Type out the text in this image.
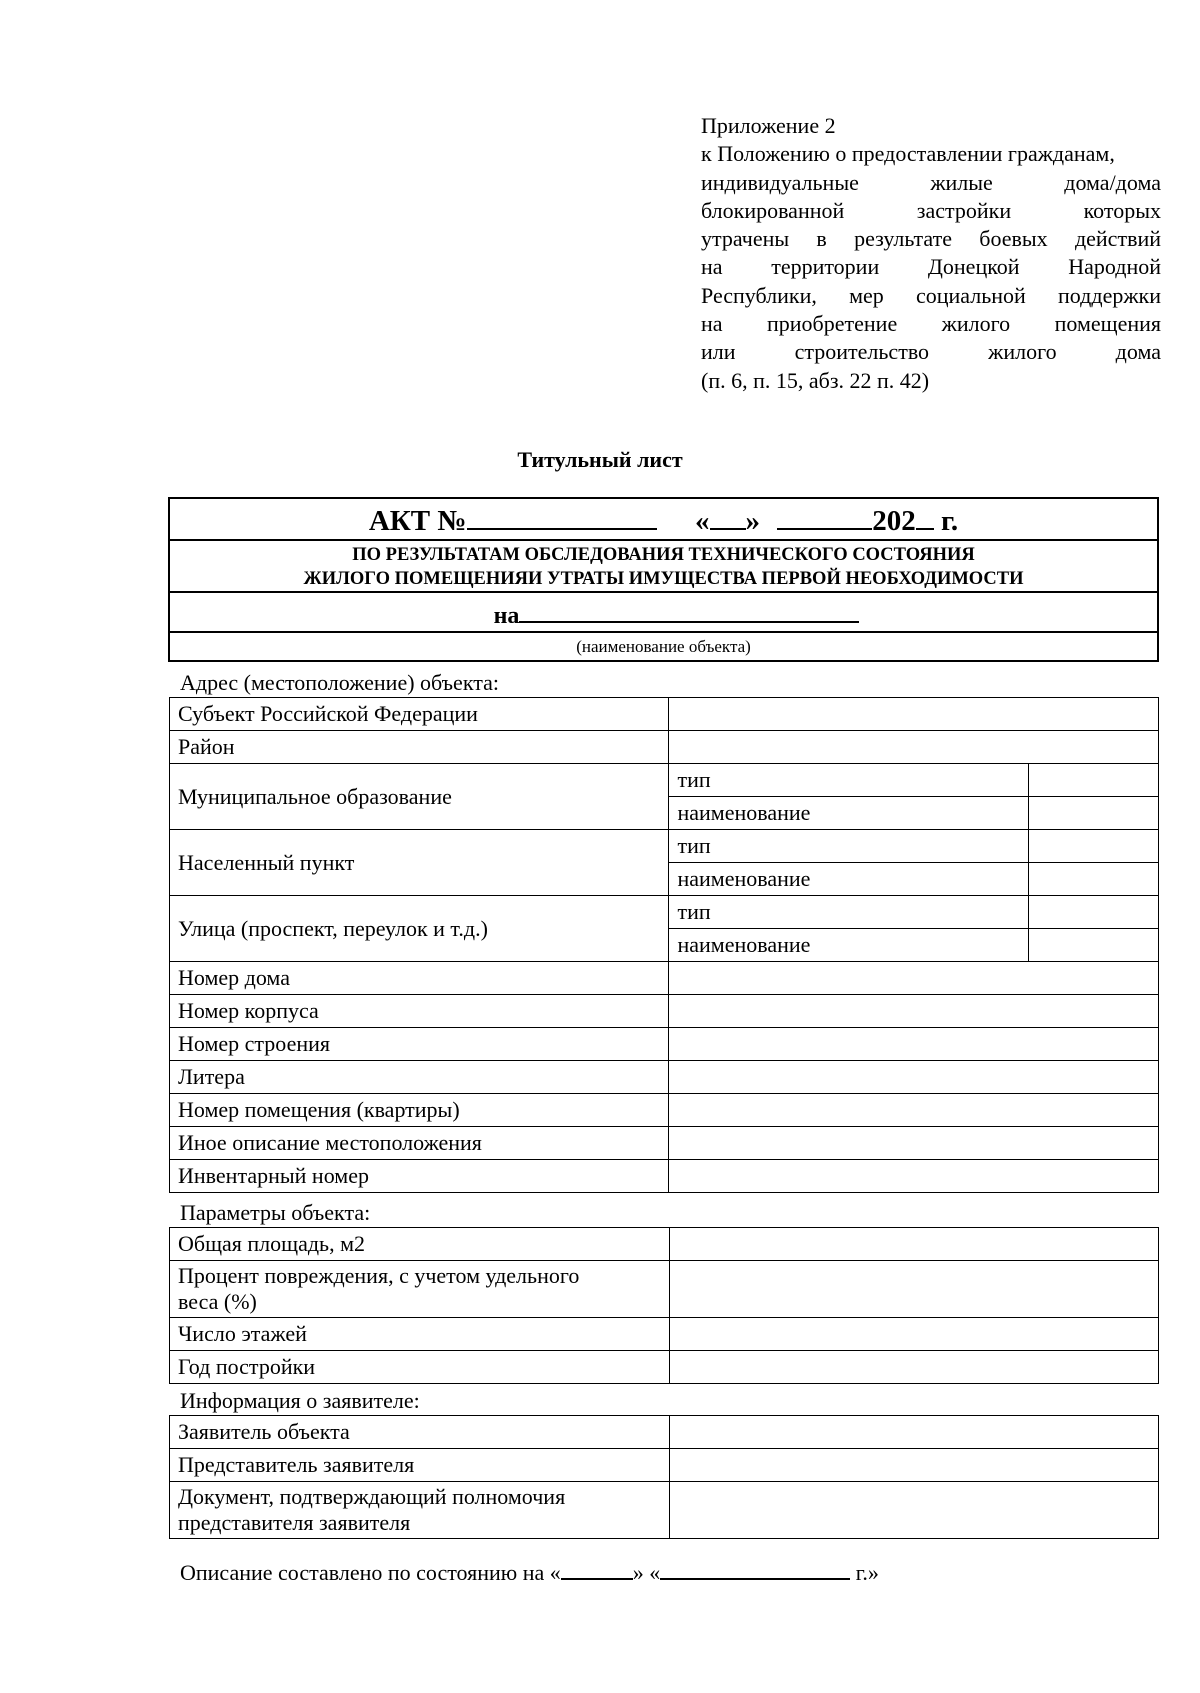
Приложение 2
к Положению о предоставлении гражданам,
индивидуальные жилые дома/дома
блокированной застройки которых
утрачены в результате боевых действий
на территории Донецкой Народной
Республики, мер социальной поддержки
на приобретение жилого помещения
или строительство жилого дома
(п. 6, п. 15, абз. 22 п. 42)
Титульный лист
АКТ №	« »	202 г.
ПО РЕЗУЛЬТАТАМ ОБСЛЕДОВАНИЯ ТЕХНИЧЕСКОГО СОСТОЯНИЯ
ЖИЛОГО ПОМЕЩЕНИЯИ УТРАТЫ ИМУЩЕСТВА ПЕРВОЙ НЕОБХОДИМОСТИ
на
(наименование объекта)
Адрес (местоположение) объекта:
Субъект Российской Федерации		
Район		
Муниципальное образование	тип	
	наименование	
Населенный пункт	тип	
	наименование	
Улица (проспект, переулок и т.д.)	тип	
	наименование	
Номер дома		
Номер корпуса		
Номер строения		
Литера		
Номер помещения (квартиры)		
Иное описание местоположения		
Инвентарный номер		
Параметры объекта:
Общая площадь, м2	

Процент повреждения, с учетом удельного
веса (%)	

Число этажей	
Год постройки	
Информация о заявителе:
Заявитель объекта	
Представитель заявителя	

Документ, подтверждающий полномочия
представителя заявителя	

Описание составлено по состоянию на «	» «	г.»
